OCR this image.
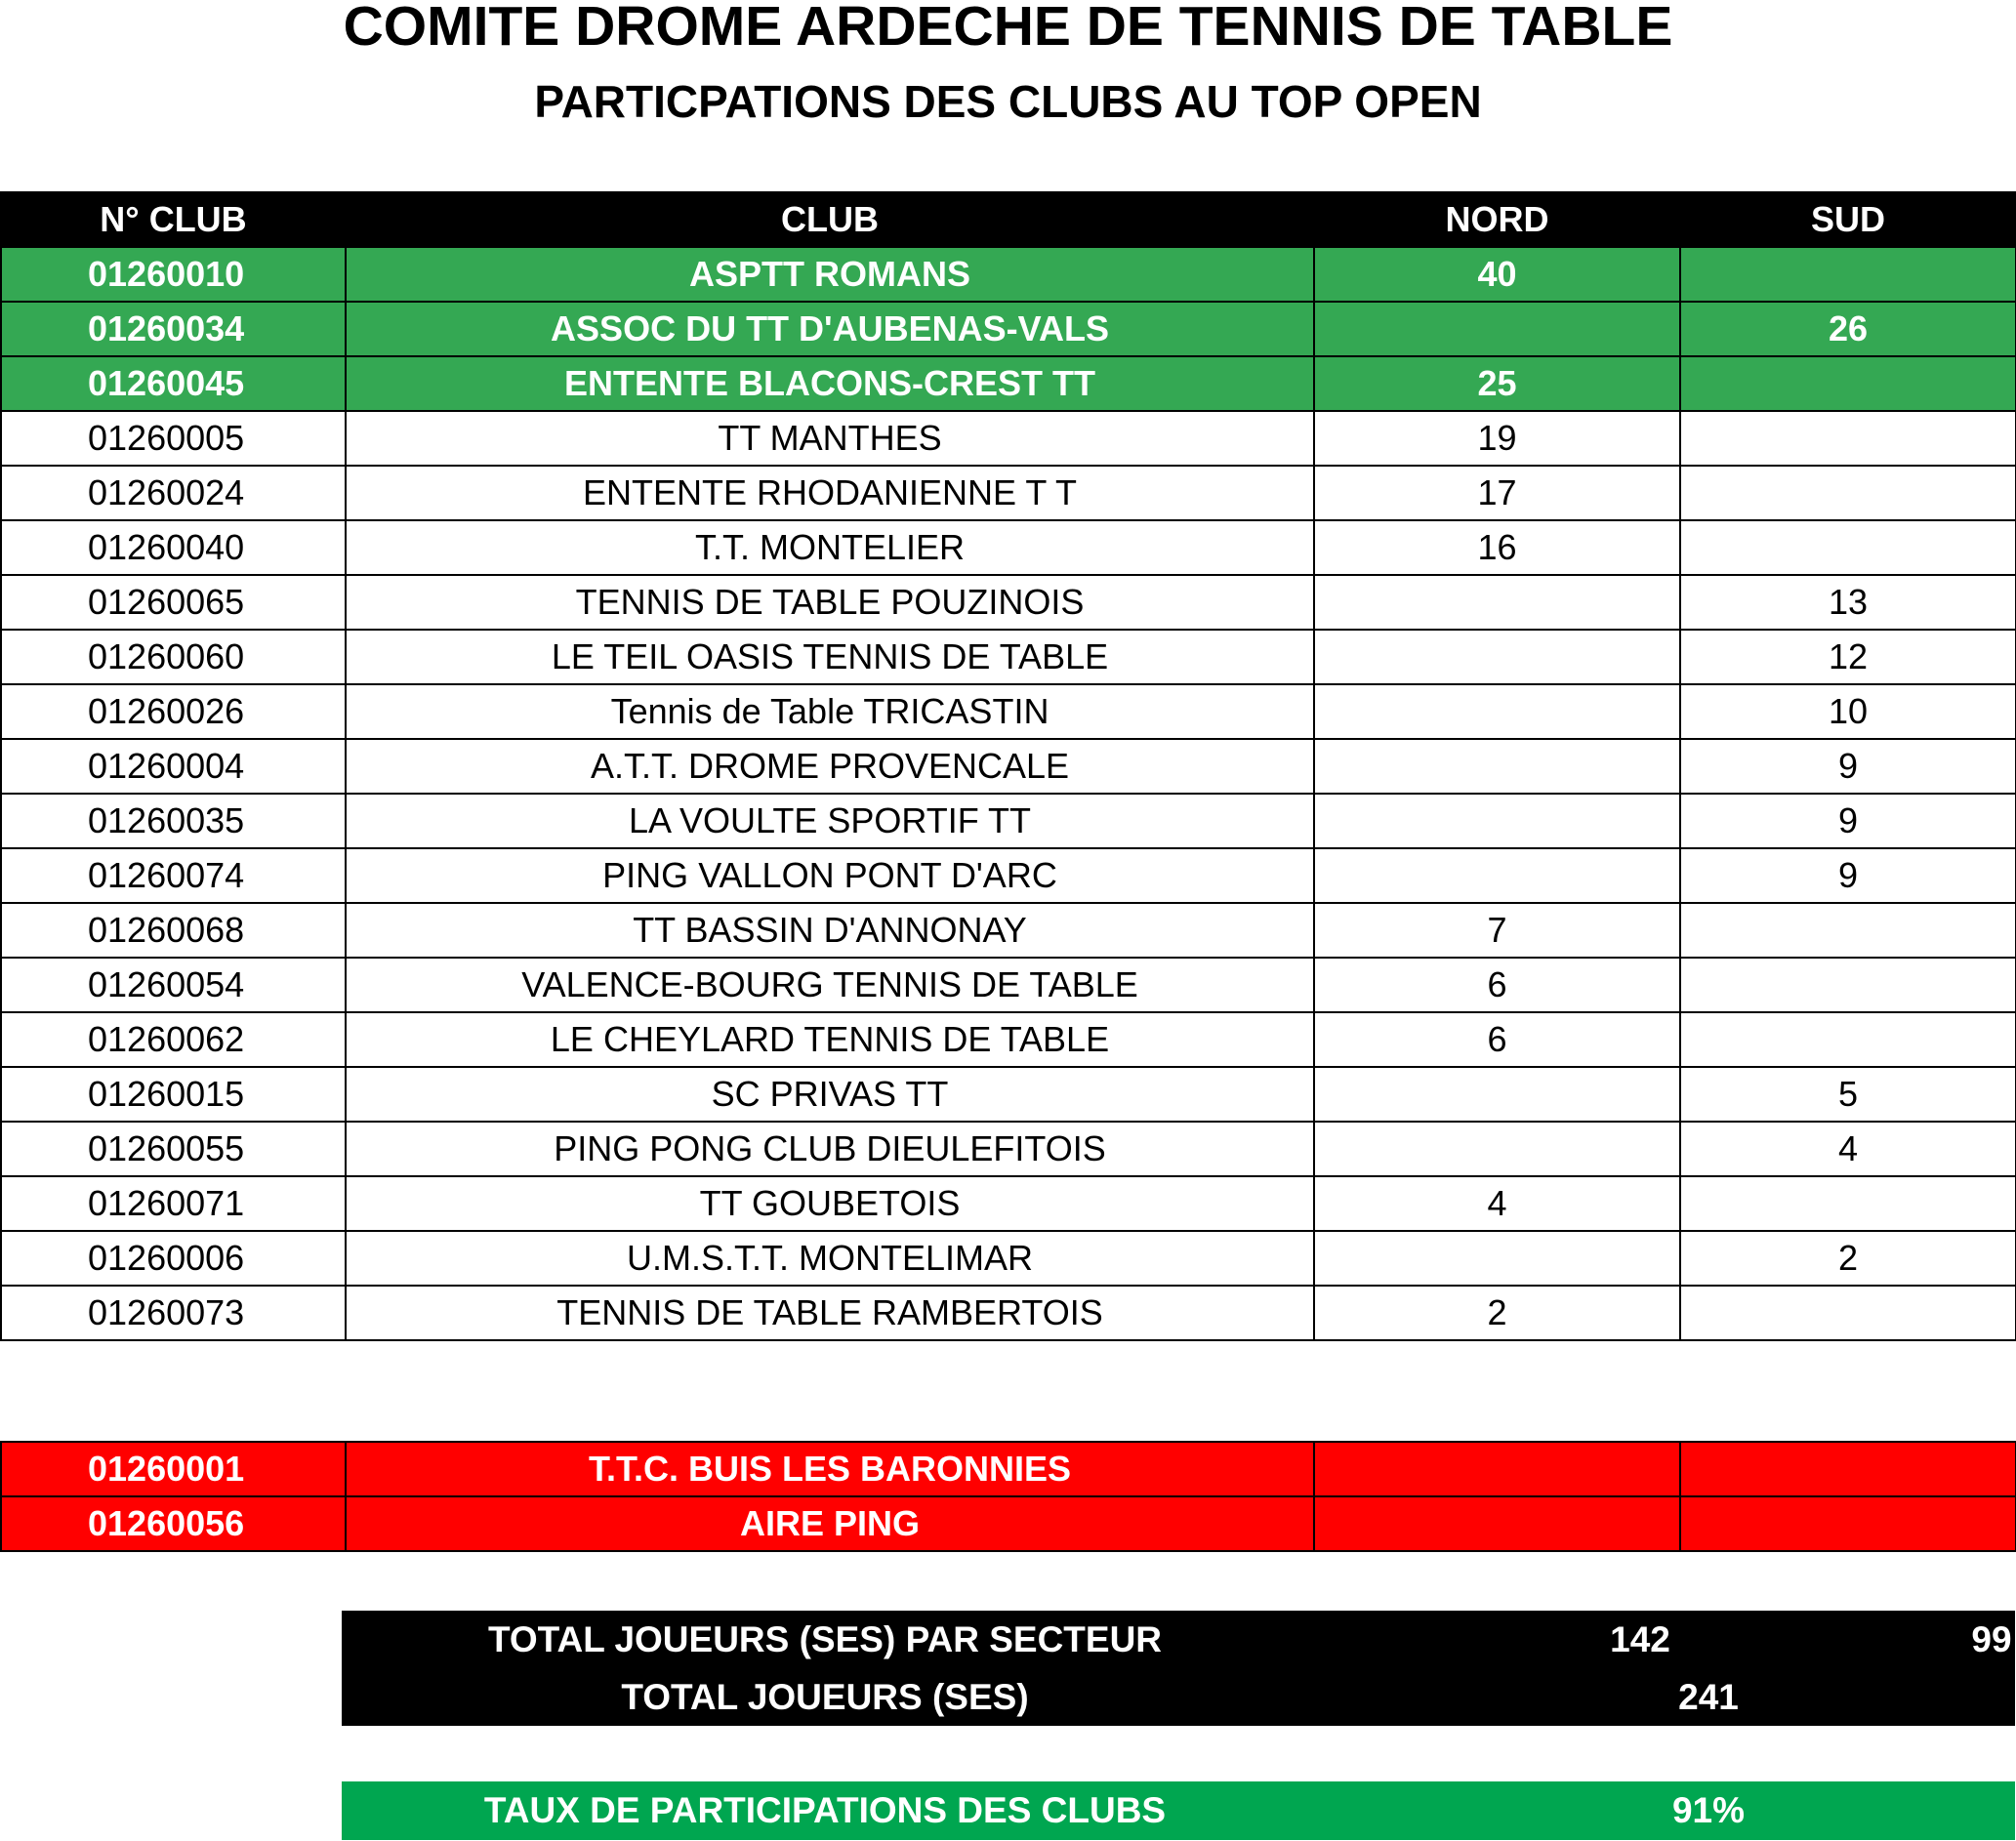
COMITE DROME ARDECHE DE TENNIS DE TABLE
PARTICPATIONS DES CLUBS AU TOP OPEN
N° CLUB	CLUB	NORD	SUD
01260010	ASPTT ROMANS	40	
01260034	ASSOC DU TT D'AUBENAS-VALS		26
01260045	ENTENTE BLACONS-CREST TT	25	
01260005	TT MANTHES	19	
01260024	ENTENTE RHODANIENNE T T	17	
01260040	T.T. MONTELIER	16	
01260065	TENNIS DE TABLE POUZINOIS		13
01260060	LE TEIL OASIS TENNIS DE TABLE		12
01260026	Tennis de Table TRICASTIN		10
01260004	A.T.T. DROME PROVENCALE		9
01260035	LA VOULTE SPORTIF TT		9
01260074	PING VALLON PONT D'ARC		9
01260068	TT BASSIN D'ANNONAY	7	
01260054	VALENCE-BOURG TENNIS DE TABLE	6	
01260062	LE CHEYLARD TENNIS DE TABLE	6	
01260015	SC PRIVAS TT		5
01260055	PING PONG CLUB DIEULEFITOIS		4
01260071	TT GOUBETOIS	4	
01260006	U.M.S.T.T. MONTELIMAR		2
01260073	TENNIS DE TABLE RAMBERTOIS	2	
01260001	T.T.C. BUIS LES BARONNIES		
01260056	AIRE PING		
TOTAL JOUEURS (SES) PAR SECTEUR	142	99
TOTAL JOUEURS (SES)	241
TAUX DE PARTICIPATIONS DES CLUBS	91%
